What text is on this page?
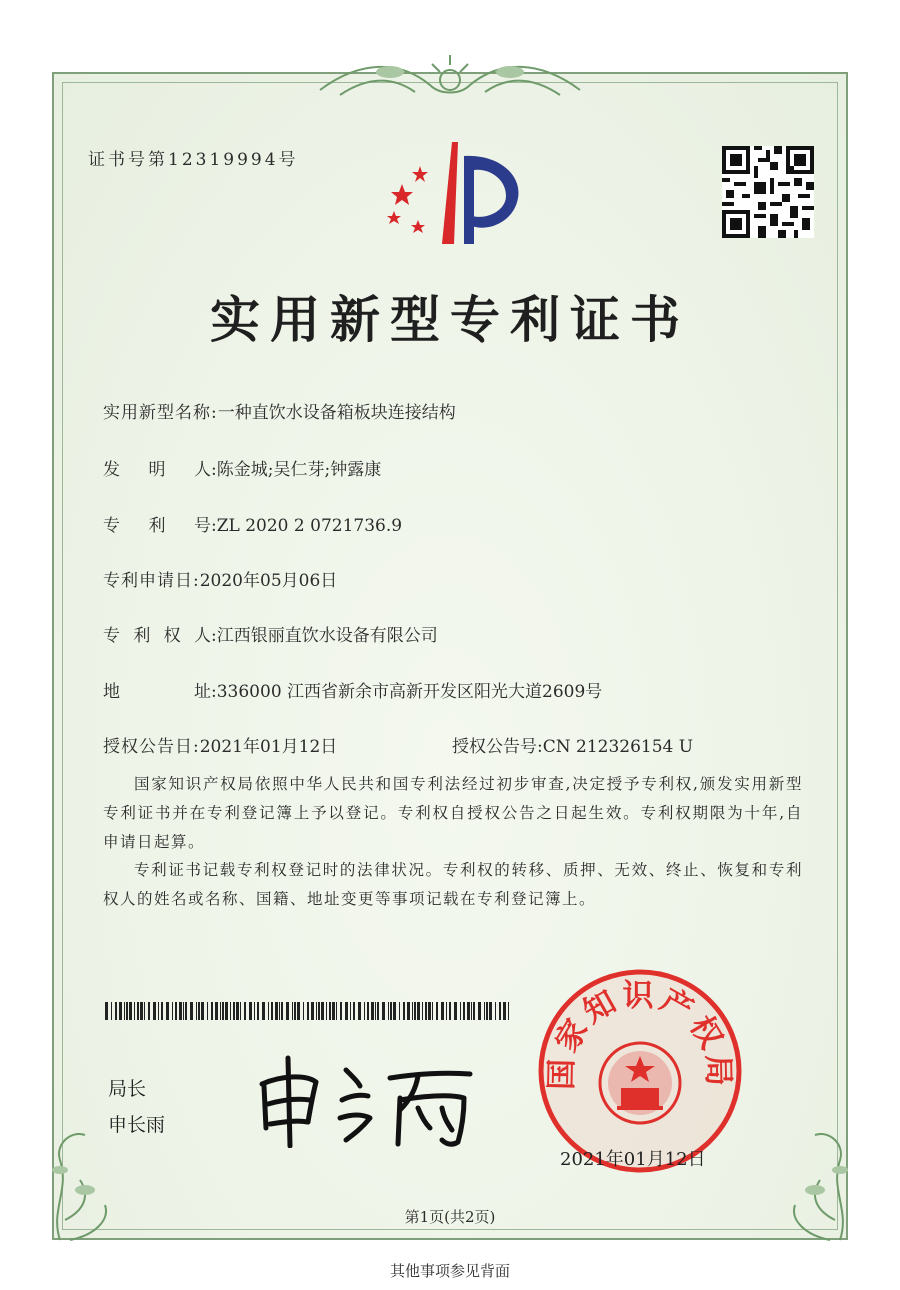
证书号第12319994号
实用新型专利证书
实用新型名称:一种直饮水设备箱板块连接结构
发明人:陈金城;吴仁芽;钟露康
专利号:ZL 2020 2 0721736.9
专利申请日:2020年05月06日
专利权人:江西银丽直饮水设备有限公司
地址:336000 江西省新余市高新开发区阳光大道2609号
授权公告日:2021年01月12日	授权公告号:CN 212326154 U
国家知识产权局依照中华人民共和国专利法经过初步审查,决定授予专利权,颁发实用新型专利证书并在专利登记簿上予以登记。专利权自授权公告之日起生效。专利权期限为十年,自申请日起算。
专利证书记载专利权登记时的法律状况。专利权的转移、质押、无效、终止、恢复和专利权人的姓名或名称、国籍、地址变更等事项记载在专利登记簿上。
局长
申长雨
国家知识产权局
2021年01月12日
第1页(共2页)
其他事项参见背面
